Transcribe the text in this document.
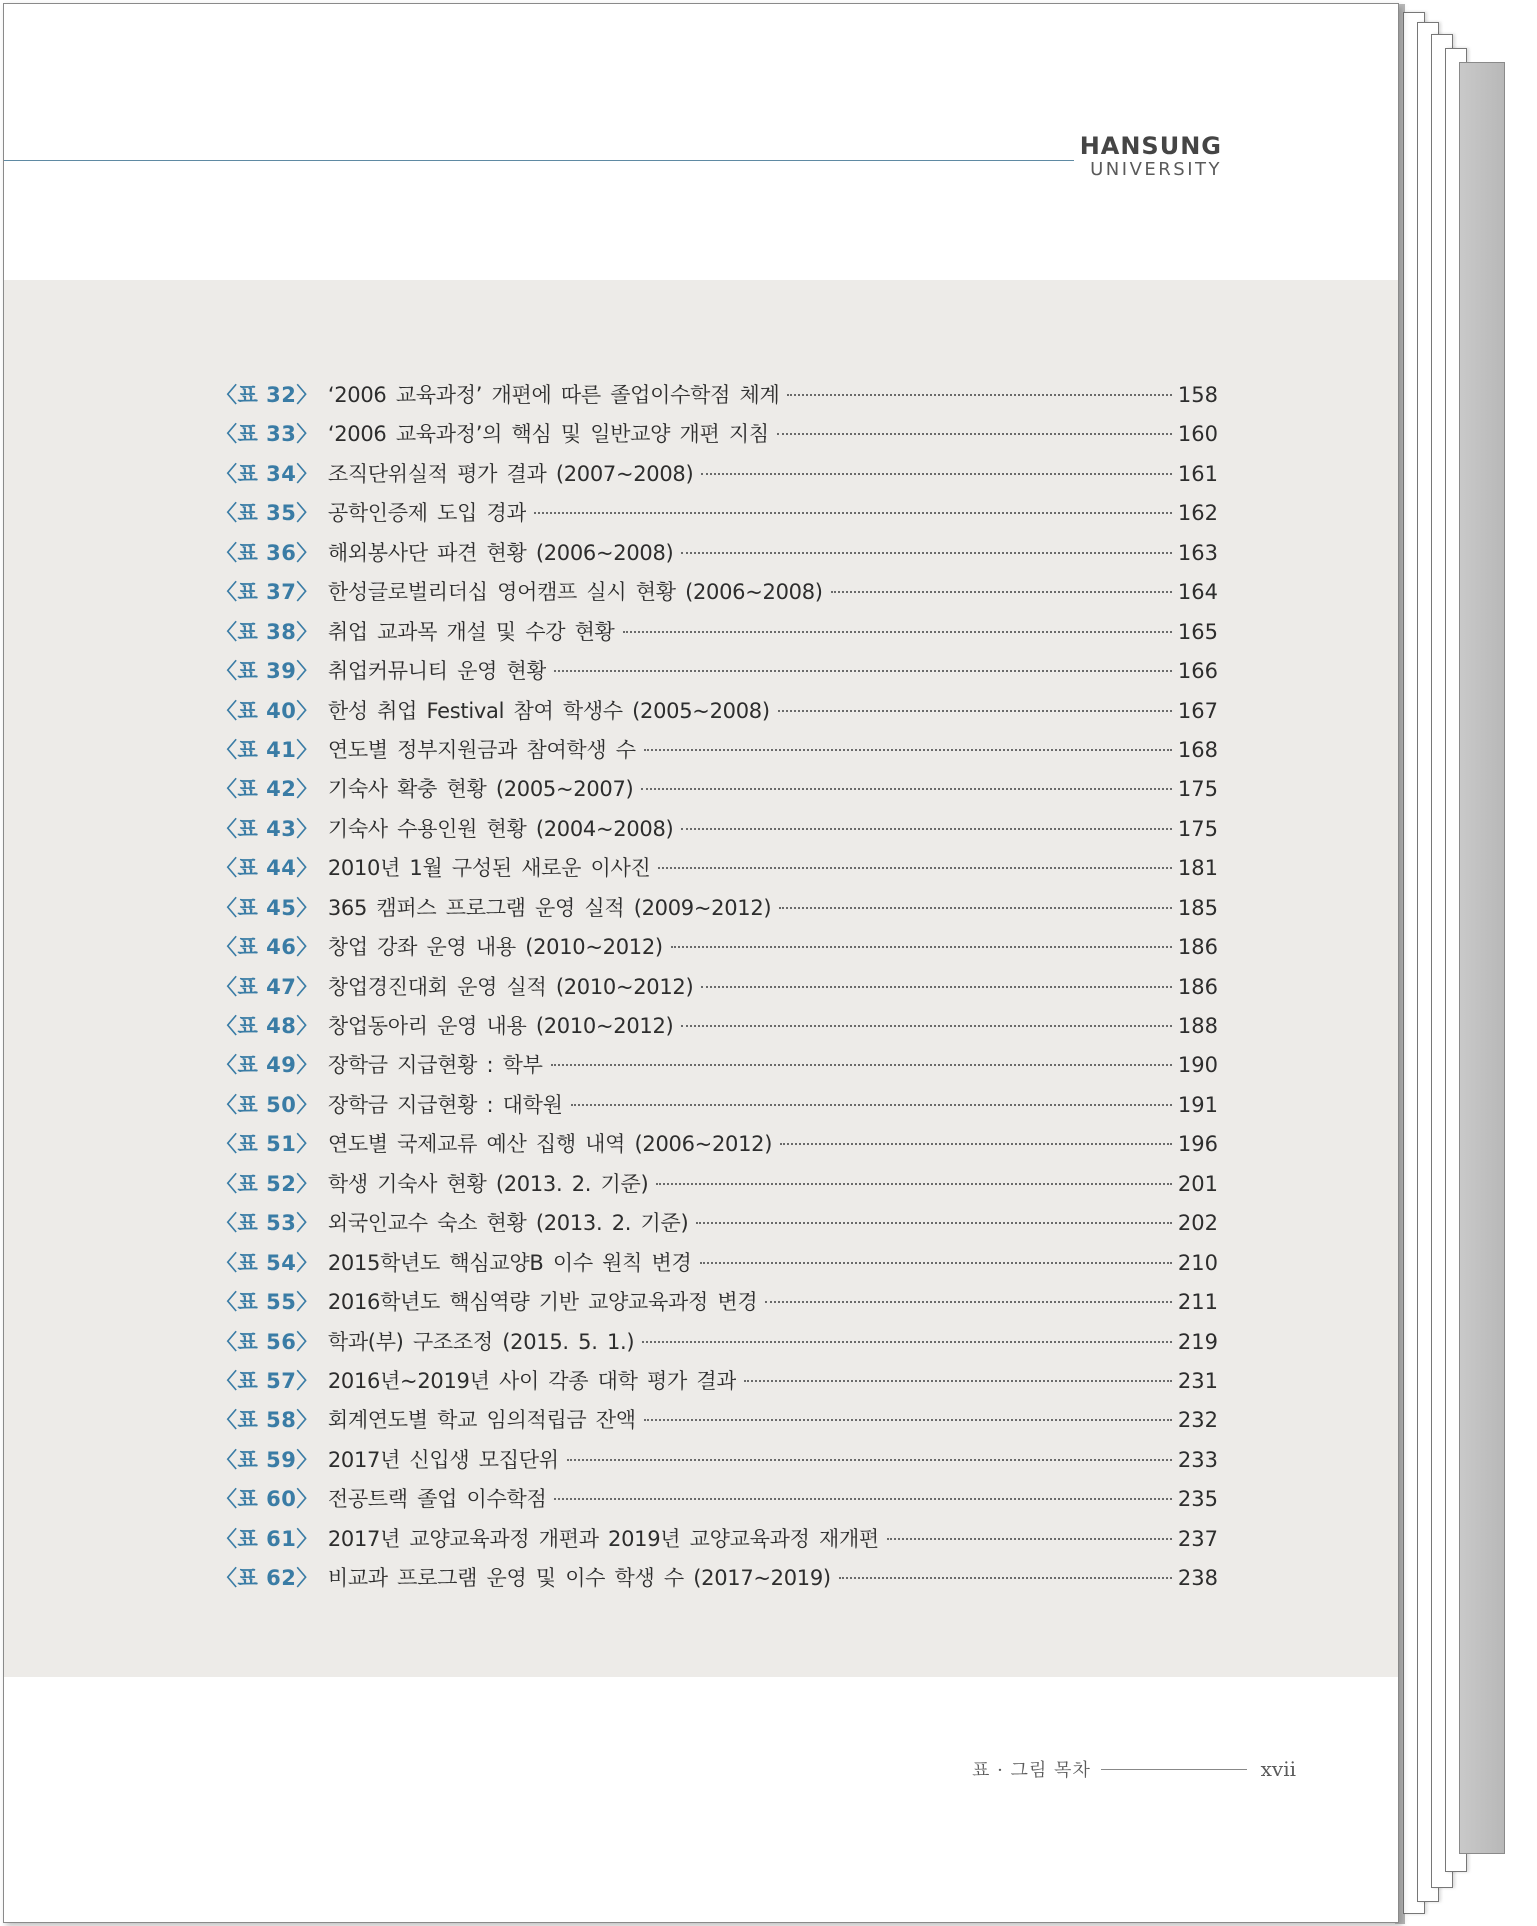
HANSUNG
UNIVERSITY
〈표 32〉 ‘2006 교육과정’ 개편에 따른 졸업이수학점 체계	158
〈표 33〉 ‘2006 교육과정’의 핵심 및 일반교양 개편 지침	160
〈표 34〉 조직단위실적 평가 결과 (2007~2008)	161
〈표 35〉 공학인증제 도입 경과	162
〈표 36〉 해외봉사단 파견 현황 (2006~2008)	163
〈표 37〉 한성글로벌리더십 영어캠프 실시 현황 (2006~2008)	164
〈표 38〉 취업 교과목 개설 및 수강 현황	165
〈표 39〉 취업커뮤니티 운영 현황	166
〈표 40〉 한성 취업 Festival 참여 학생수 (2005~2008)	167
〈표 41〉 연도별 정부지원금과 참여학생 수	168
〈표 42〉 기숙사 확충 현황 (2005~2007)	175
〈표 43〉 기숙사 수용인원 현황 (2004~2008)	175
〈표 44〉 2010년 1월 구성된 새로운 이사진	181
〈표 45〉 365 캠퍼스 프로그램 운영 실적 (2009~2012)	185
〈표 46〉 창업 강좌 운영 내용 (2010~2012)	186
〈표 47〉 창업경진대회 운영 실적 (2010~2012)	186
〈표 48〉 창업동아리 운영 내용 (2010~2012)	188
〈표 49〉 장학금 지급현황 : 학부	190
〈표 50〉 장학금 지급현황 : 대학원	191
〈표 51〉 연도별 국제교류 예산 집행 내역 (2006~2012)	196
〈표 52〉 학생 기숙사 현황 (2013. 2. 기준)	201
〈표 53〉 외국인교수 숙소 현황 (2013. 2. 기준)	202
〈표 54〉 2015학년도 핵심교양B 이수 원칙 변경	210
〈표 55〉 2016학년도 핵심역량 기반 교양교육과정 변경	211
〈표 56〉 학과(부) 구조조정 (2015. 5. 1.)	219
〈표 57〉 2016년~2019년 사이 각종 대학 평가 결과	231
〈표 58〉 회계연도별 학교 임의적립금 잔액	232
〈표 59〉 2017년 신입생 모집단위	233
〈표 60〉 전공트랙 졸업 이수학점	235
〈표 61〉 2017년 교양교육과정 개편과 2019년 교양교육과정 재개편	237
〈표 62〉 비교과 프로그램 운영 및 이수 학생 수 (2017~2019)	238
표 · 그림 목차	xvii
